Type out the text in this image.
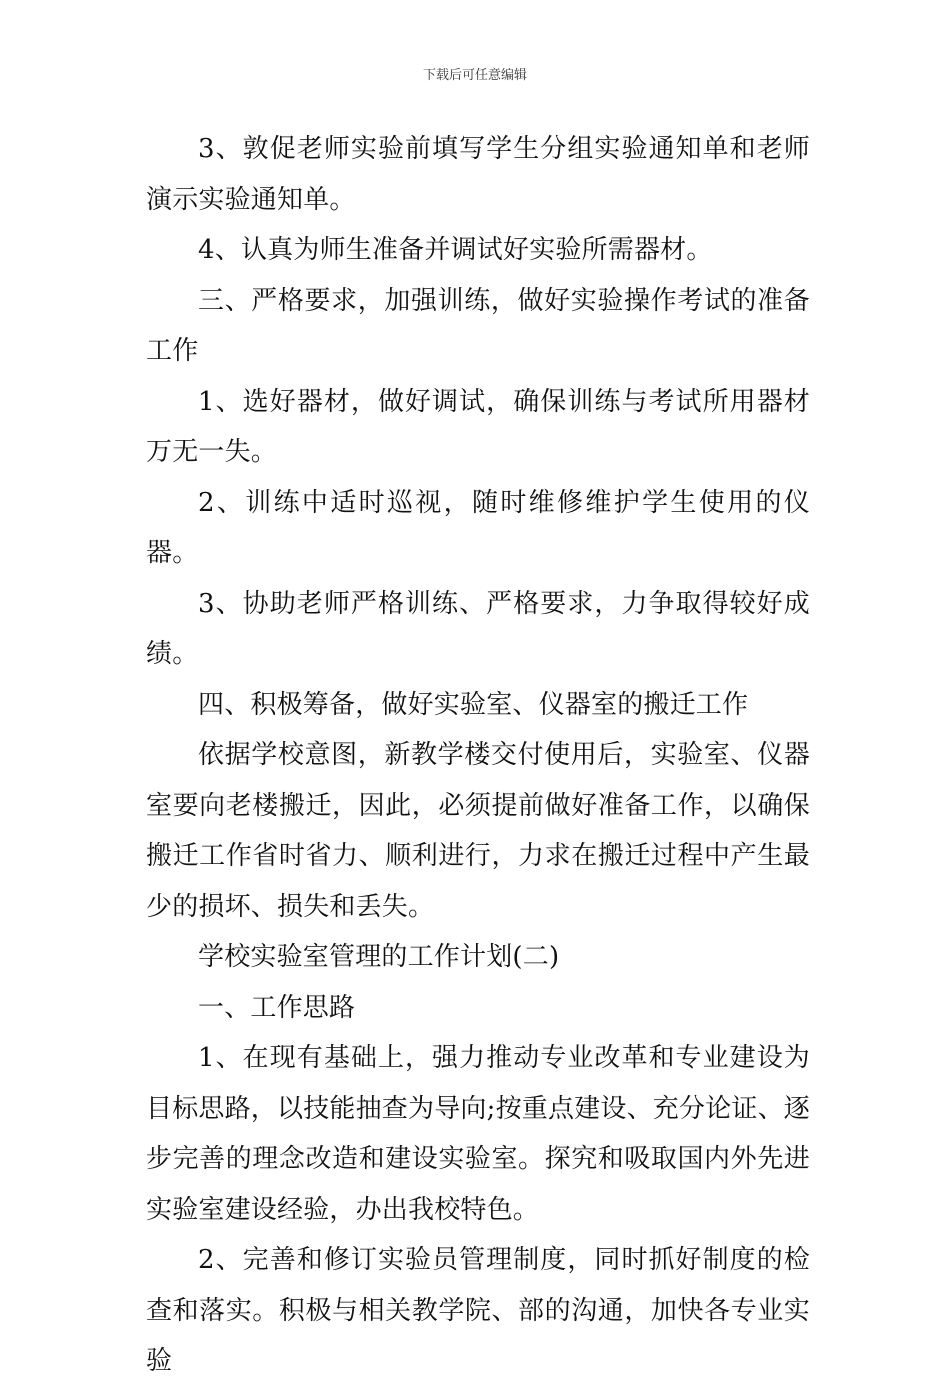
下载后可任意编辑

3、敦促老师实验前填写学生分组实验通知单和老师演示实验通知单。

4、认真为师生准备并调试好实验所需器材。

三、严格要求，加强训练，做好实验操作考试的准备工作

1、选好器材，做好调试，确保训练与考试所用器材万无一失。

2、训练中适时巡视，随时维修维护学生使用的仪器。

3、协助老师严格训练、严格要求，力争取得较好成绩。

四、积极筹备，做好实验室、仪器室的搬迁工作

依据学校意图，新教学楼交付使用后，实验室、仪器室要向老楼搬迁，因此，必须提前做好准备工作，以确保搬迁工作省时省力、顺利进行，力求在搬迁过程中产生最少的损坏、损失和丢失。

学校实验室管理的工作计划(二)

一、工作思路

1、在现有基础上，强力推动专业改革和专业建设为目标思路，以技能抽查为导向;按重点建设、充分论证、逐步完善的理念改造和建设实验室。探究和吸取国内外先进实验室建设经验，办出我校特色。

2、完善和修订实验员管理制度，同时抓好制度的检查和落实。积极与相关教学院、部的沟通，加快各专业实验
